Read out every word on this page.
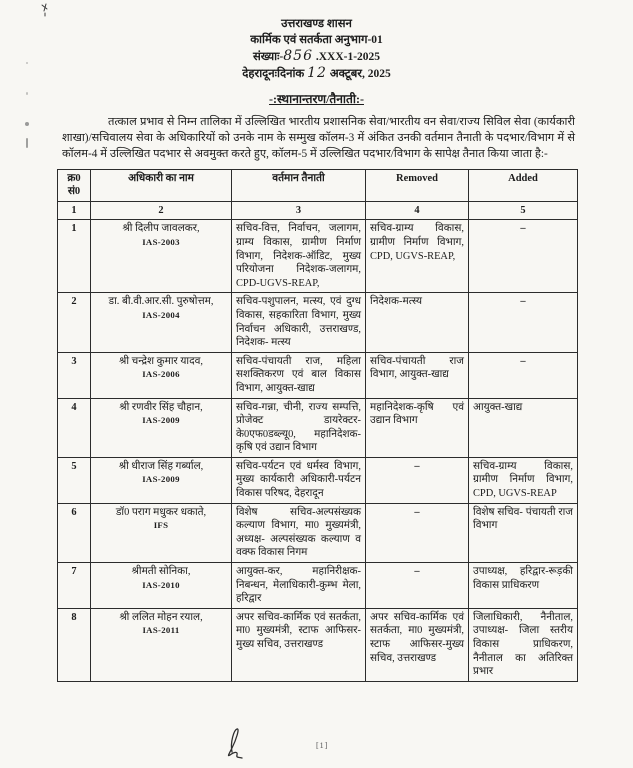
उत्तराखण्ड शासन
कार्मिक एवं सतर्कता अनुभाग-01
संख्याः-856 .XXX-1-2025
देहरादूनःदिनांक 12 अक्टूबर, 2025
-:स्थानान्तरण/तैनाती:-

तत्काल प्रभाव से निम्न तालिका में उल्लिखित भारतीय प्रशासनिक सेवा/भारतीय वन सेवा/राज्य सिविल सेवा (कार्यकारी शाखा)/सचिवालय सेवा के अधिकारियों को उनके नाम के सम्मुख कॉलम-3 में अंकित उनकी वर्तमान तैनाती के पदभार/विभाग में से कॉलम-4 में उल्लिखित पदभार से अवमुक्त करते हुए, कॉलम-5 में उल्लिखित पदभार/विभाग के सापेक्ष तैनात किया जाता है:-

क्र0 सं0	अधिकारी का नाम	वर्तमान तैनाती	Removed	Added
1	2	3	4	5
1	श्री दिलीप जावलकर,
IAS-2003	सचिव-वित्त, निर्वाचन, जलागम, ग्राम्य विकास, ग्रामीण निर्माण विभाग, निदेशक-ऑडिट, मुख्य परियोजना निदेशक-जलागम, CPD-UGVS-REAP,	सचिव-ग्राम्य विकास, ग्रामीण निर्माण विभाग, CPD, UGVS-REAP,	–
2	डा. बी.वी.आर.सी. पुरुषोत्तम,
IAS-2004	सचिव-पशुपालन, मत्स्य, एवं दुग्ध विकास, सहकारिता विभाग, मुख्य निर्वाचन अधिकारी, उत्तराखण्ड, निदेशक- मत्स्य	निदेशक-मत्स्य	–
3	श्री चन्द्रेश कुमार यादव,
IAS-2006	सचिव-पंचायती राज, महिला सशक्तिकरण एवं बाल विकास विभाग, आयुक्त-खाद्य	सचिव-पंचायती राज विभाग, आयुक्त-खाद्य	–
4	श्री रणवीर सिंह चौहान,
IAS-2009	सचिव-गन्ना, चीनी, राज्य सम्पत्ति, प्रोजेक्ट डायरेक्टर-के0एफ0डब्ल्यू0, महानिदेशक-कृषि एवं उद्यान विभाग	महानिदेशक-कृषि एवं उद्यान विभाग	आयुक्त-खाद्य
5	श्री धीराज सिंह गर्ब्याल,
IAS-2009	सचिव-पर्यटन एवं धर्मस्व विभाग, मुख्य कार्यकारी अधिकारी-पर्यटन विकास परिषद, देहरादून	–	सचिव-ग्राम्य विकास, ग्रामीण निर्माण विभाग, CPD, UGVS-REAP
6	डॉ0 पराग मधुकर धकाते,
IFS	विशेष सचिव-अल्पसंख्यक कल्याण विभाग, मा0 मुख्यमंत्री, अध्यक्ष- अल्पसंख्यक कल्याण व वक्फ विकास निगम	–	विशेष सचिव- पंचायती राज विभाग
7	श्रीमती सोनिका,
IAS-2010	आयुक्त-कर, महानिरीक्षक-निबन्धन, मेलाधिकारी-कुम्भ मेला, हरिद्वार	–	उपाध्यक्ष, हरिद्वार-रूड़की विकास प्राधिकरण
8	श्री ललित मोहन रयाल,
IAS-2011	अपर सचिव-कार्मिक एवं सतर्कता, मा0 मुख्यमंत्री, स्टाफ आफिसर-मुख्य सचिव, उत्तराखण्ड	अपर सचिव-कार्मिक एवं सतर्कता, मा0 मुख्यमंत्री, स्टाफ आफिसर-मुख्य सचिव, उत्तराखण्ड	जिलाधिकारी, नैनीताल, उपाध्यक्ष- जिला स्तरीय विकास प्राधिकरण, नैनीताल का अतिरिक्त प्रभार
[1]
